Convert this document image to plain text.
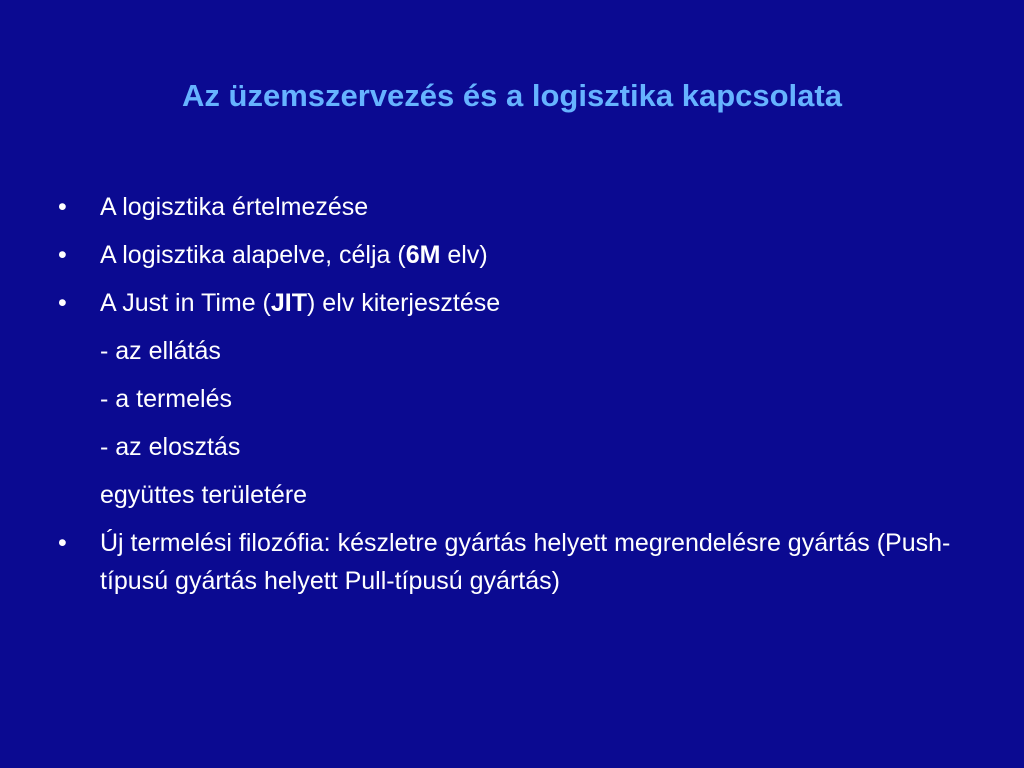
Az üzemszervezés és a logisztika kapcsolata
• A logisztika értelmezése
• A logisztika alapelve, célja (6M elv)
• A Just in Time (JIT) elv kiterjesztése
- az ellátás
- a termelés
- az elosztás
együttes területére
• Új termelési filozófia: készletre gyártás helyett megrendelésre gyártás (Push-típusú gyártás helyett Pull-típusú gyártás)
